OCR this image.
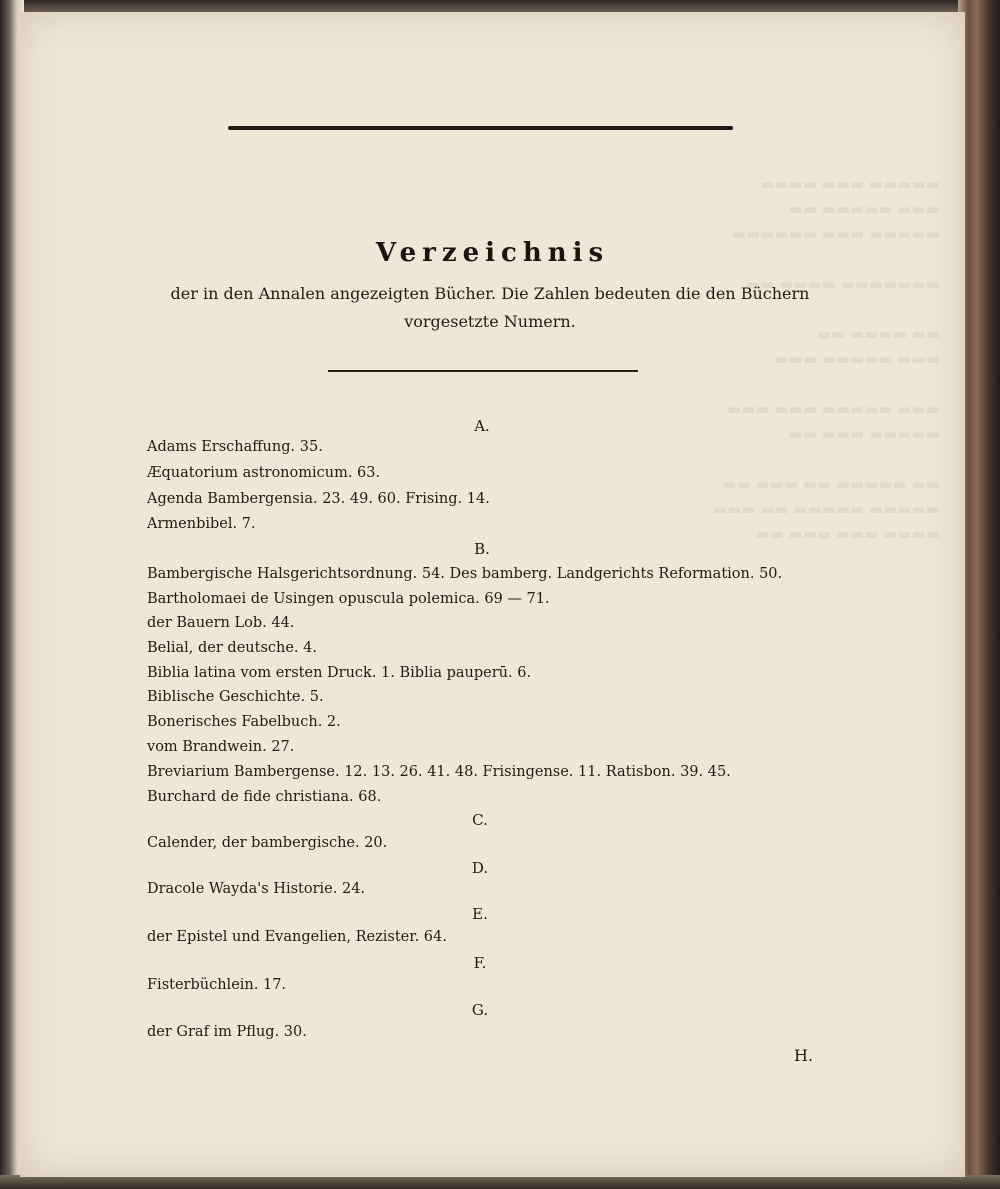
▬▬▬▬▬ ▬▬▬ ▬▬▬▬
▬▬▬ ▬▬▬▬▬ ▬▬
▬▬▬▬▬ ▬▬▬ ▬▬▬▬▬▬

▬▬▬▬▬▬▬ ▬▬▬▬ ▬▬

▬▬ ▬▬▬▬ ▬▬
▬▬▬ ▬▬▬▬▬ ▬▬▬

▬▬▬ ▬▬▬▬▬ ▬▬▬ ▬▬▬
▬▬▬▬▬ ▬▬▬ ▬▬

▬▬ ▬▬▬▬▬ ▬▬ ▬▬▬ ▬▬
▬▬▬▬▬ ▬▬▬▬▬ ▬▬ ▬▬▬
▬▬▬▬ ▬▬▬ ▬▬▬ ▬▬

Verzeichnis

der in den Annalen angezeigten Bücher. Die Zahlen bedeuten die den Büchern vorgesetzte Numern.

A.
Adams Erschaffung. 35.
Æquatorium astronomicum. 63.
Agenda Bambergensia. 23. 49. 60. Frising. 14.
Armenbibel. 7.
B.
Bambergische Halsgerichtsordnung. 54. Des bamberg. Landgerichts Reformation. 50.
Bartholomaei de Usingen opuscula polemica. 69 — 71.
der Bauern Lob. 44.
Belial, der deutsche. 4.
Biblia latina vom ersten Druck. 1. Biblia pauperū. 6.
Biblische Geschichte. 5.
Bonerisches Fabelbuch. 2.
vom Brandwein. 27.
Breviarium Bambergense. 12. 13. 26. 41. 48. Frisingense. 11. Ratisbon. 39. 45.
Burchard de fide christiana. 68.
C.
Calender, der bambergische. 20.
D.
Dracole Wayda's Historie. 24.
E.
der Epistel und Evangelien, Rezister. 64.
F.
Fisterbüchlein. 17.
G.
der Graf im Pflug. 30.
H.
